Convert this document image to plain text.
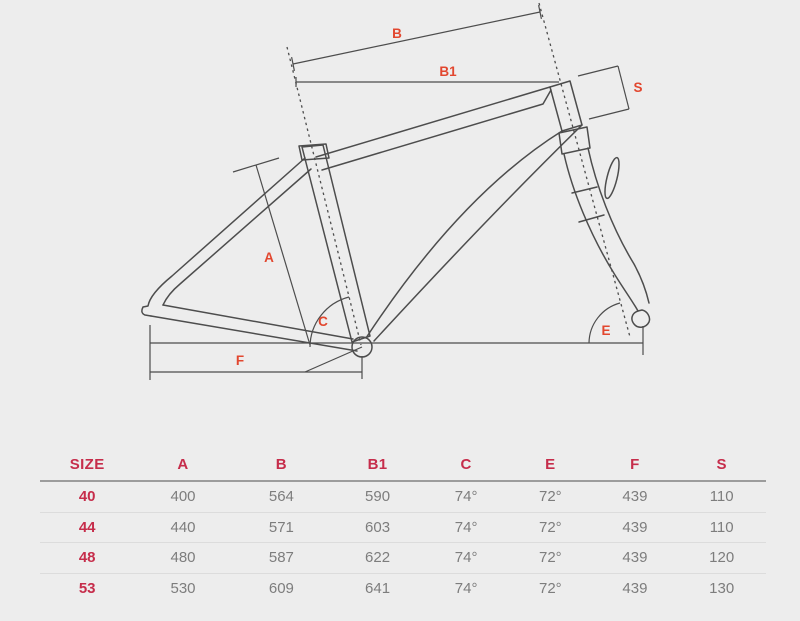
B
B1
S
A
C
E
F
SIZE	A	B	B1	C	E	F	S
40	400	564	590	74°	72°	439	110
44	440	571	603	74°	72°	439	110
48	480	587	622	74°	72°	439	120
53	530	609	641	74°	72°	439	130
